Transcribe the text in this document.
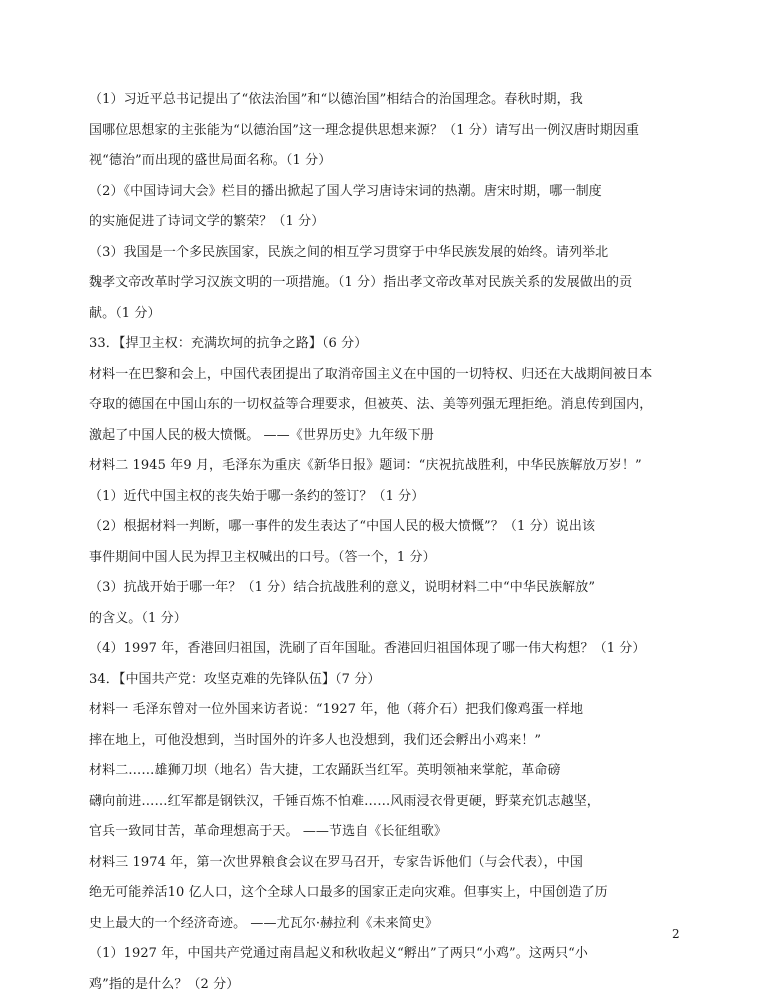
（1）习近平总书记提出了“依法治国”和“以德治国”相结合的治国理念。春秋时期，我
国哪位思想家的主张能为“以德治国”这一理念提供思想来源？（1 分）请写出一例汉唐时期因重
视“德治”而出现的盛世局面名称。（1 分）
（2）《中国诗词大会》栏目的播出掀起了国人学习唐诗宋词的热潮。唐宋时期，哪一制度
的实施促进了诗词文学的繁荣？（1 分）
（3）我国是一个多民族国家，民族之间的相互学习贯穿于中华民族发展的始终。请列举北
魏孝文帝改革时学习汉族文明的一项措施。（1 分）指出孝文帝改革对民族关系的发展做出的贡
献。（1 分）
33．【捍卫主权：充满坎坷的抗争之路】（6 分）
材料一在巴黎和会上，中国代表团提出了取消帝国主义在中国的一切特权、归还在大战期间被日本
夺取的德国在中国山东的一切权益等合理要求，但被英、法、美等列强无理拒绝。消息传到国内，
激起了中国人民的极大愤慨。 ——《世界历史》九年级下册
材料二 1945 年9 月，毛泽东为重庆《新华日报》题词：“庆祝抗战胜利，中华民族解放万岁！”
（1）近代中国主权的丧失始于哪一条约的签订？（1 分）
（2）根据材料一判断，哪一事件的发生表达了“中国人民的极大愤慨”？（1 分）说出该
事件期间中国人民为捍卫主权喊出的口号。（答一个，1 分）
（3）抗战开始于哪一年？（1 分）结合抗战胜利的意义，说明材料二中“中华民族解放”
的含义。（1 分）
（4）1997 年，香港回归祖国，洗刷了百年国耻。香港回归祖国体现了哪一伟大构想？（1 分）
34．【中国共产党：攻坚克难的先锋队伍】（7 分）
材料一 毛泽东曾对一位外国来访者说：“1927 年，他（蒋介石）把我们像鸡蛋一样地
摔在地上，可他没想到，当时国外的许多人也没想到，我们还会孵出小鸡来！”
材料二……雄狮刀坝（地名）告大捷，工农踊跃当红军。英明领袖来掌舵，革命磅
礴向前进……红军都是钢铁汉，千锤百炼不怕难……风雨浸衣骨更硬，野菜充饥志越坚，
官兵一致同甘苦，革命理想高于天。 ——节选自《长征组歌》
材料三 1974 年，第一次世界粮食会议在罗马召开，专家告诉他们（与会代表），中国
绝无可能养活10 亿人口，这个全球人口最多的国家正走向灾难。但事实上，中国创造了历
史上最大的一个经济奇迹。 ——尤瓦尔·赫拉利《未来简史》
（1）1927 年，中国共产党通过南昌起义和秋收起义“孵出”了两只“小鸡”。这两只“小
鸡”指的是什么？（2 分）
2
